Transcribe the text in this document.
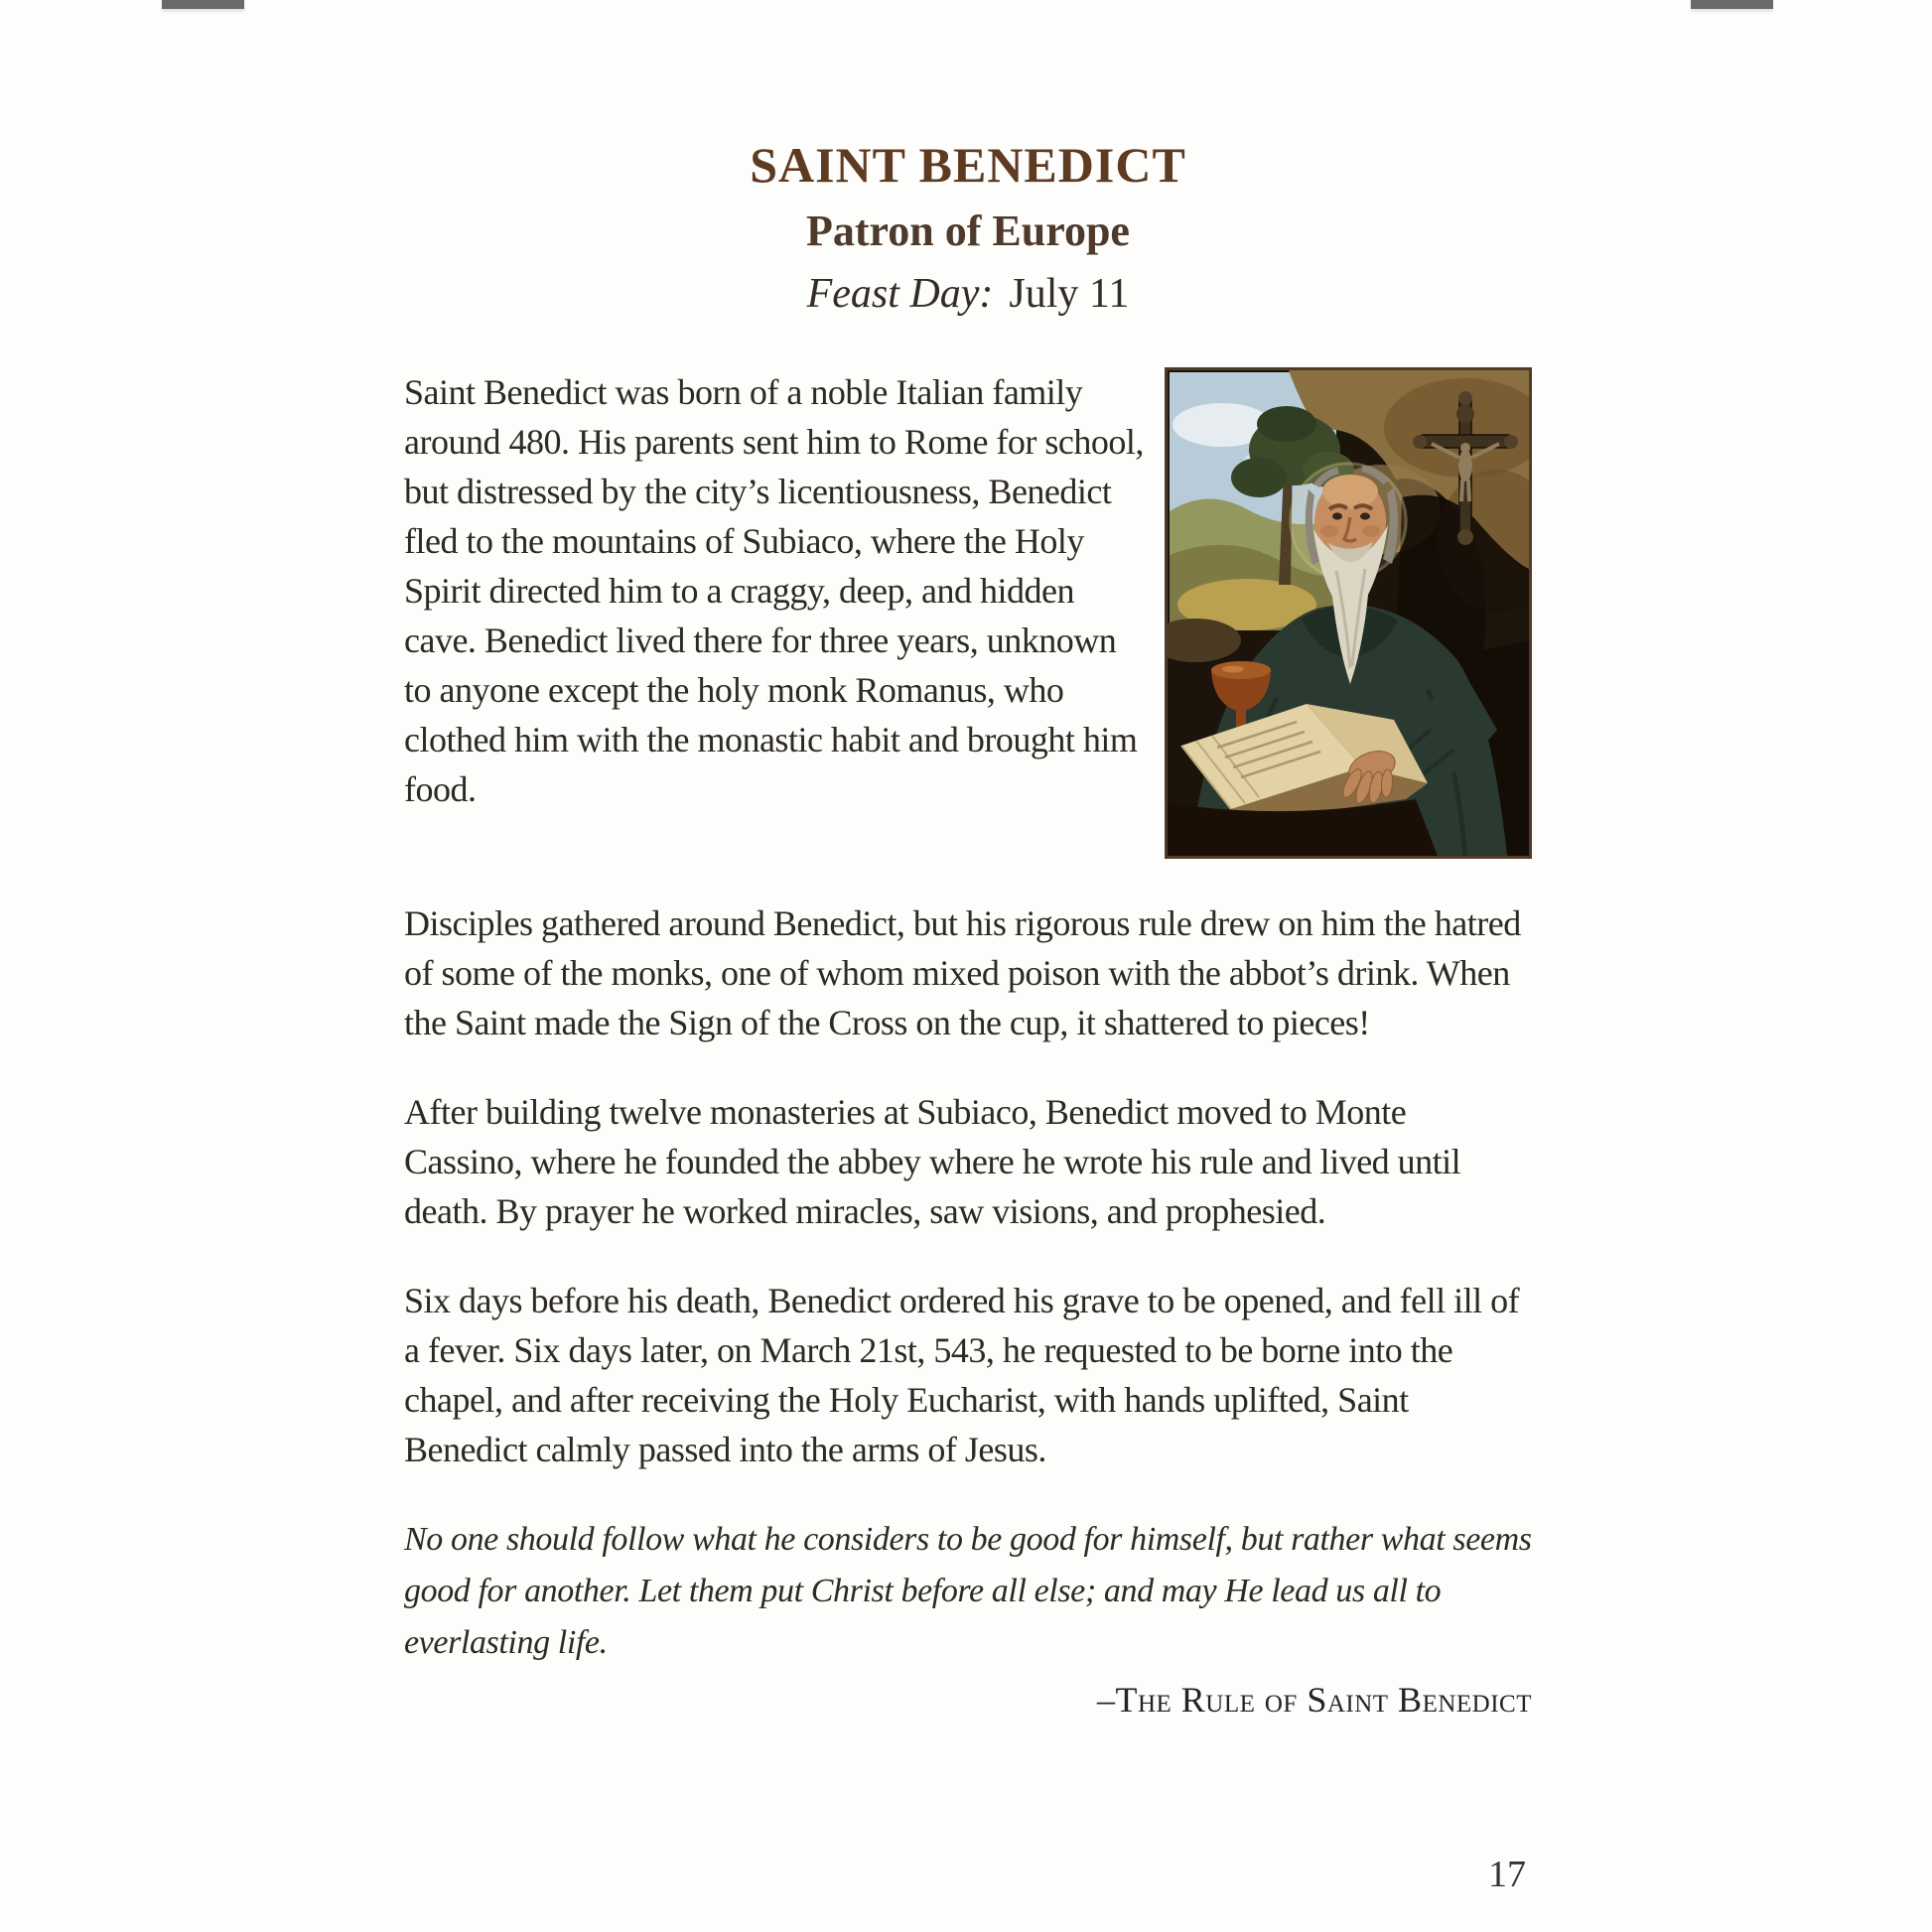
SAINT BENEDICT
Patron of Europe

Feast Day: July 11

Saint Benedict was born of a noble Italian family around 480. His parents sent him to Rome for school, but distressed by the city’s licentiousness, Benedict fled to the mountains of Subiaco, where the Holy Spirit directed him to a craggy, deep, and hidden cave. Benedict lived there for three years, unknown to anyone except the holy monk Romanus, who clothed him with the monastic habit and brought him food.

Disciples gathered around Benedict, but his rigorous rule drew on him the hatred of some of the monks, one of whom mixed poison with the abbot’s drink. When the Saint made the Sign of the Cross on the cup, it shattered to pieces!

After building twelve monasteries at Subiaco, Benedict moved to Monte Cassino, where he founded the abbey where he wrote his rule and lived until death. By prayer he worked miracles, saw visions, and prophesied.

Six days before his death, Benedict ordered his grave to be opened, and fell ill of a fever. Six days later, on March 21st, 543, he requested to be borne into the chapel, and after receiving the Holy Eucharist, with hands uplifted, Saint Benedict calmly passed into the arms of Jesus.

No one should follow what he considers to be good for himself, but rather what seems good for another. Let them put Christ before all else; and may He lead us all to everlasting life.

–The Rule of Saint Benedict

17
